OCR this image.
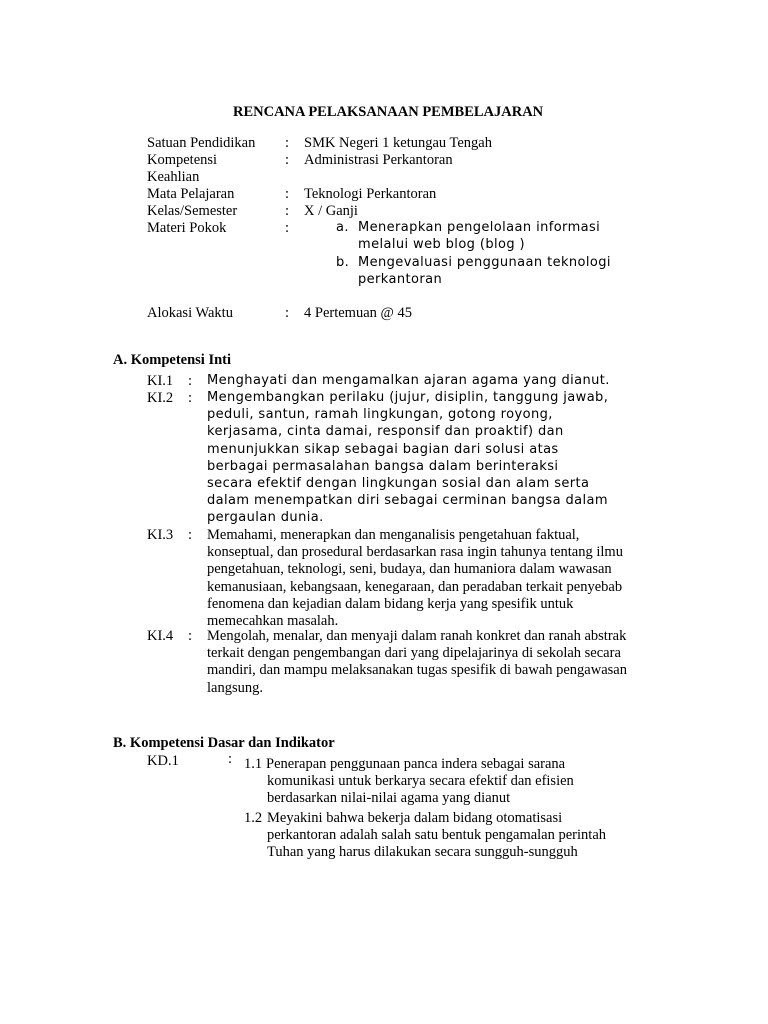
RENCANA PELAKSANAAN PEMBELAJARAN
Satuan Pendidikan : SMK Negeri 1 ketungau Tengah
Kompetensi
Keahlian
: Administrasi Perkantoran
Mata Pelajaran	: Teknologi Perkantoran
Kelas/Semester	: X / Ganji
Materi Pokok	:	a. Menerapkan pengelolaan informasi
melalui web blog (blog )
b. Mengevaluasi penggunaan teknologi
perkantoran
Alokasi Waktu	: 4 Pertemuan @ 45
A. Kompetensi Inti
KI.1 : Menghayati dan mengamalkan ajaran agama yang dianut.
KI.2 : Mengembangkan perilaku (jujur, disiplin, tanggung jawab,
peduli, santun, ramah lingkungan, gotong royong,
kerjasama, cinta damai, responsif dan proaktif) dan
menunjukkan sikap sebagai bagian dari solusi atas
berbagai permasalahan bangsa dalam berinteraksi
secara efektif dengan lingkungan sosial dan alam serta
dalam menempatkan diri sebagai cerminan bangsa dalam
pergaulan dunia.
KI.3 : Memahami, menerapkan dan menganalisis pengetahuan faktual,
konseptual, dan prosedural berdasarkan rasa ingin tahunya tentang ilmu
pengetahuan, teknologi, seni, budaya, dan humaniora dalam wawasan
kemanusiaan, kebangsaan, kenegaraan, dan peradaban terkait penyebab
fenomena dan kejadian dalam bidang kerja yang spesifik untuk
memecahkan masalah.
KI.4 : Mengolah, menalar, dan menyaji dalam ranah konkret dan ranah abstrak
terkait dengan pengembangan dari yang dipelajarinya di sekolah secara
mandiri, dan mampu melaksanakan tugas spesifik di bawah pengawasan
langsung.
B. Kompetensi Dasar dan Indikator
KD.1	: 1.1 Penerapan penggunaan panca indera sebagai sarana
komunikasi untuk berkarya secara efektif dan efisien
berdasarkan nilai-nilai agama yang dianut
1.2 Meyakini bahwa bekerja dalam bidang otomatisasi
perkantoran adalah salah satu bentuk pengamalan perintah
Tuhan yang harus dilakukan secara sungguh-sungguh
